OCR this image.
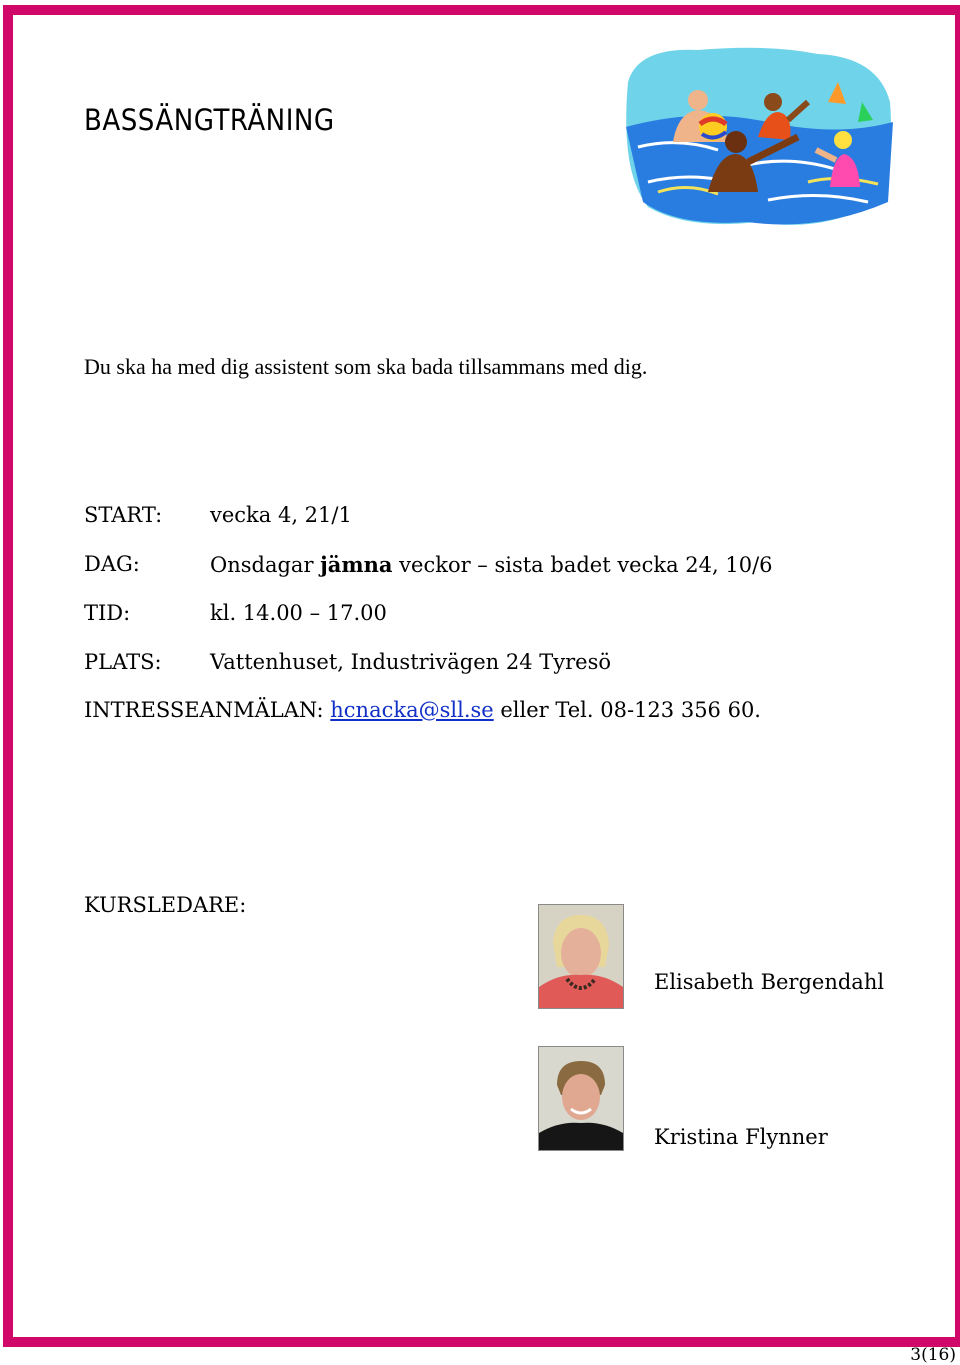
BASSÄNGTRÄNING
Du ska ha med dig assistent som ska bada tillsammans med dig.
START: vecka 4, 21/1
DAG:	Onsdagar jämna veckor – sista badet vecka 24, 10/6
TID:	kl. 14.00 – 17.00
PLATS: Vattenhuset, Industrivägen 24 Tyresö
INTRESSEANMÄLAN: hcnacka@sll.se eller Tel. 08-123 356 60.
KURSLEDARE:
Elisabeth Bergendahl
Kristina Flynner
3(16)
